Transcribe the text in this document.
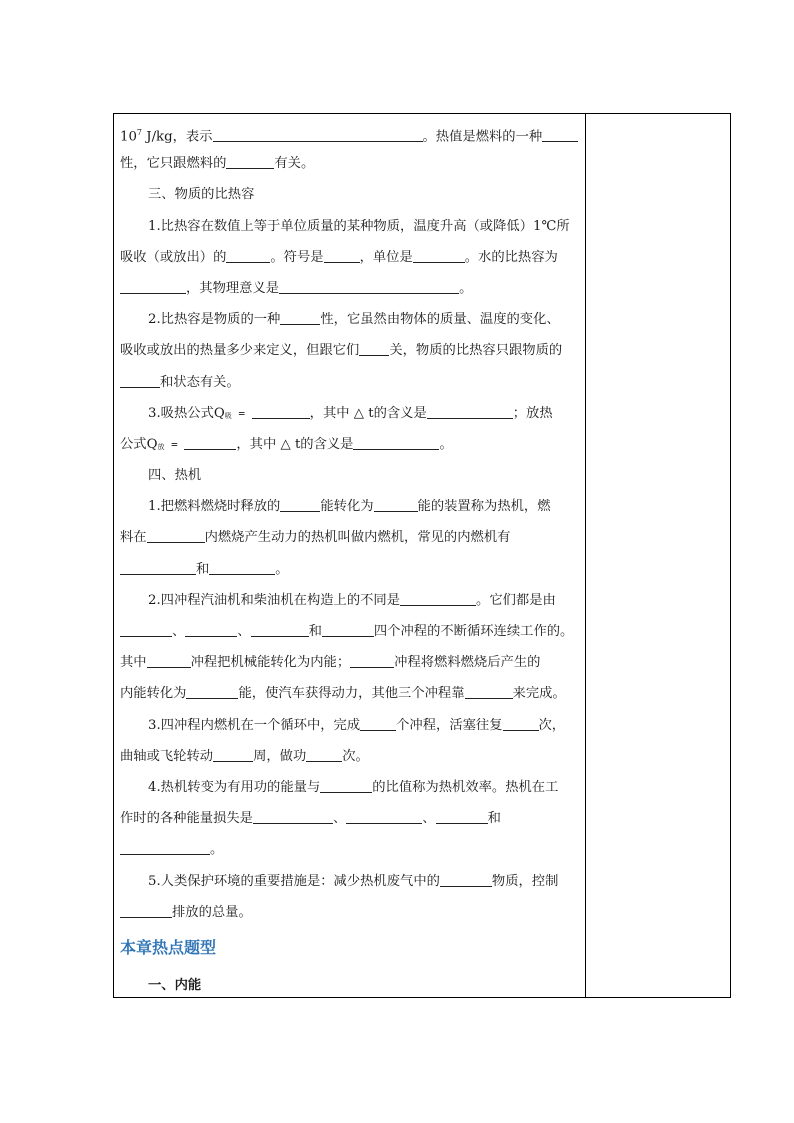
$10^7$ J/kg，表示	。热值是燃料的一种
性，它只跟燃料的	有关。
三、物质的比热容
1.比热容在数值上等于单位质量的某种物质，温度升高（或降低）1℃所
吸收（或放出）的	。符号是	，单位是	。水的比热容为
，其物理意义是	。
2.比热容是物质的一种	性，它虽然由物体的质量、温度的变化、
吸收或放出的热量多少来定义，但跟它们 关，物质的比热容只跟物质的
和状态有关。
3.吸热公式Q吸 =	，其中 △ t的含义是	；放热
公式Q放 =	，其中 △ t的含义是	。
四、热机
1.把燃料燃烧时释放的	能转化为	能的装置称为热机，燃
料在	内燃烧产生动力的热机叫做内燃机，常见的内燃机有
和	。
2.四冲程汽油机和柴油机在构造上的不同是	。它们都是由
、	、	和	四个冲程的不断循环连续工作的。
其中	冲程把机械能转化为内能；	冲程将燃料燃烧后产生的
内能转化为	能，使汽车获得动力，其他三个冲程靠	来完成。
3.四冲程内燃机在一个循环中，完成	个冲程，活塞往复	次，
曲轴或飞轮转动	周，做功	次。
4.热机转变为有用功的能量与	的比值称为热机效率。热机在工
作时的各种能量损失是	、	、	和
。
5.人类保护环境的重要措施是：减少热机废气中的	物质，控制
排放的总量。
本章热点题型
一、内能
